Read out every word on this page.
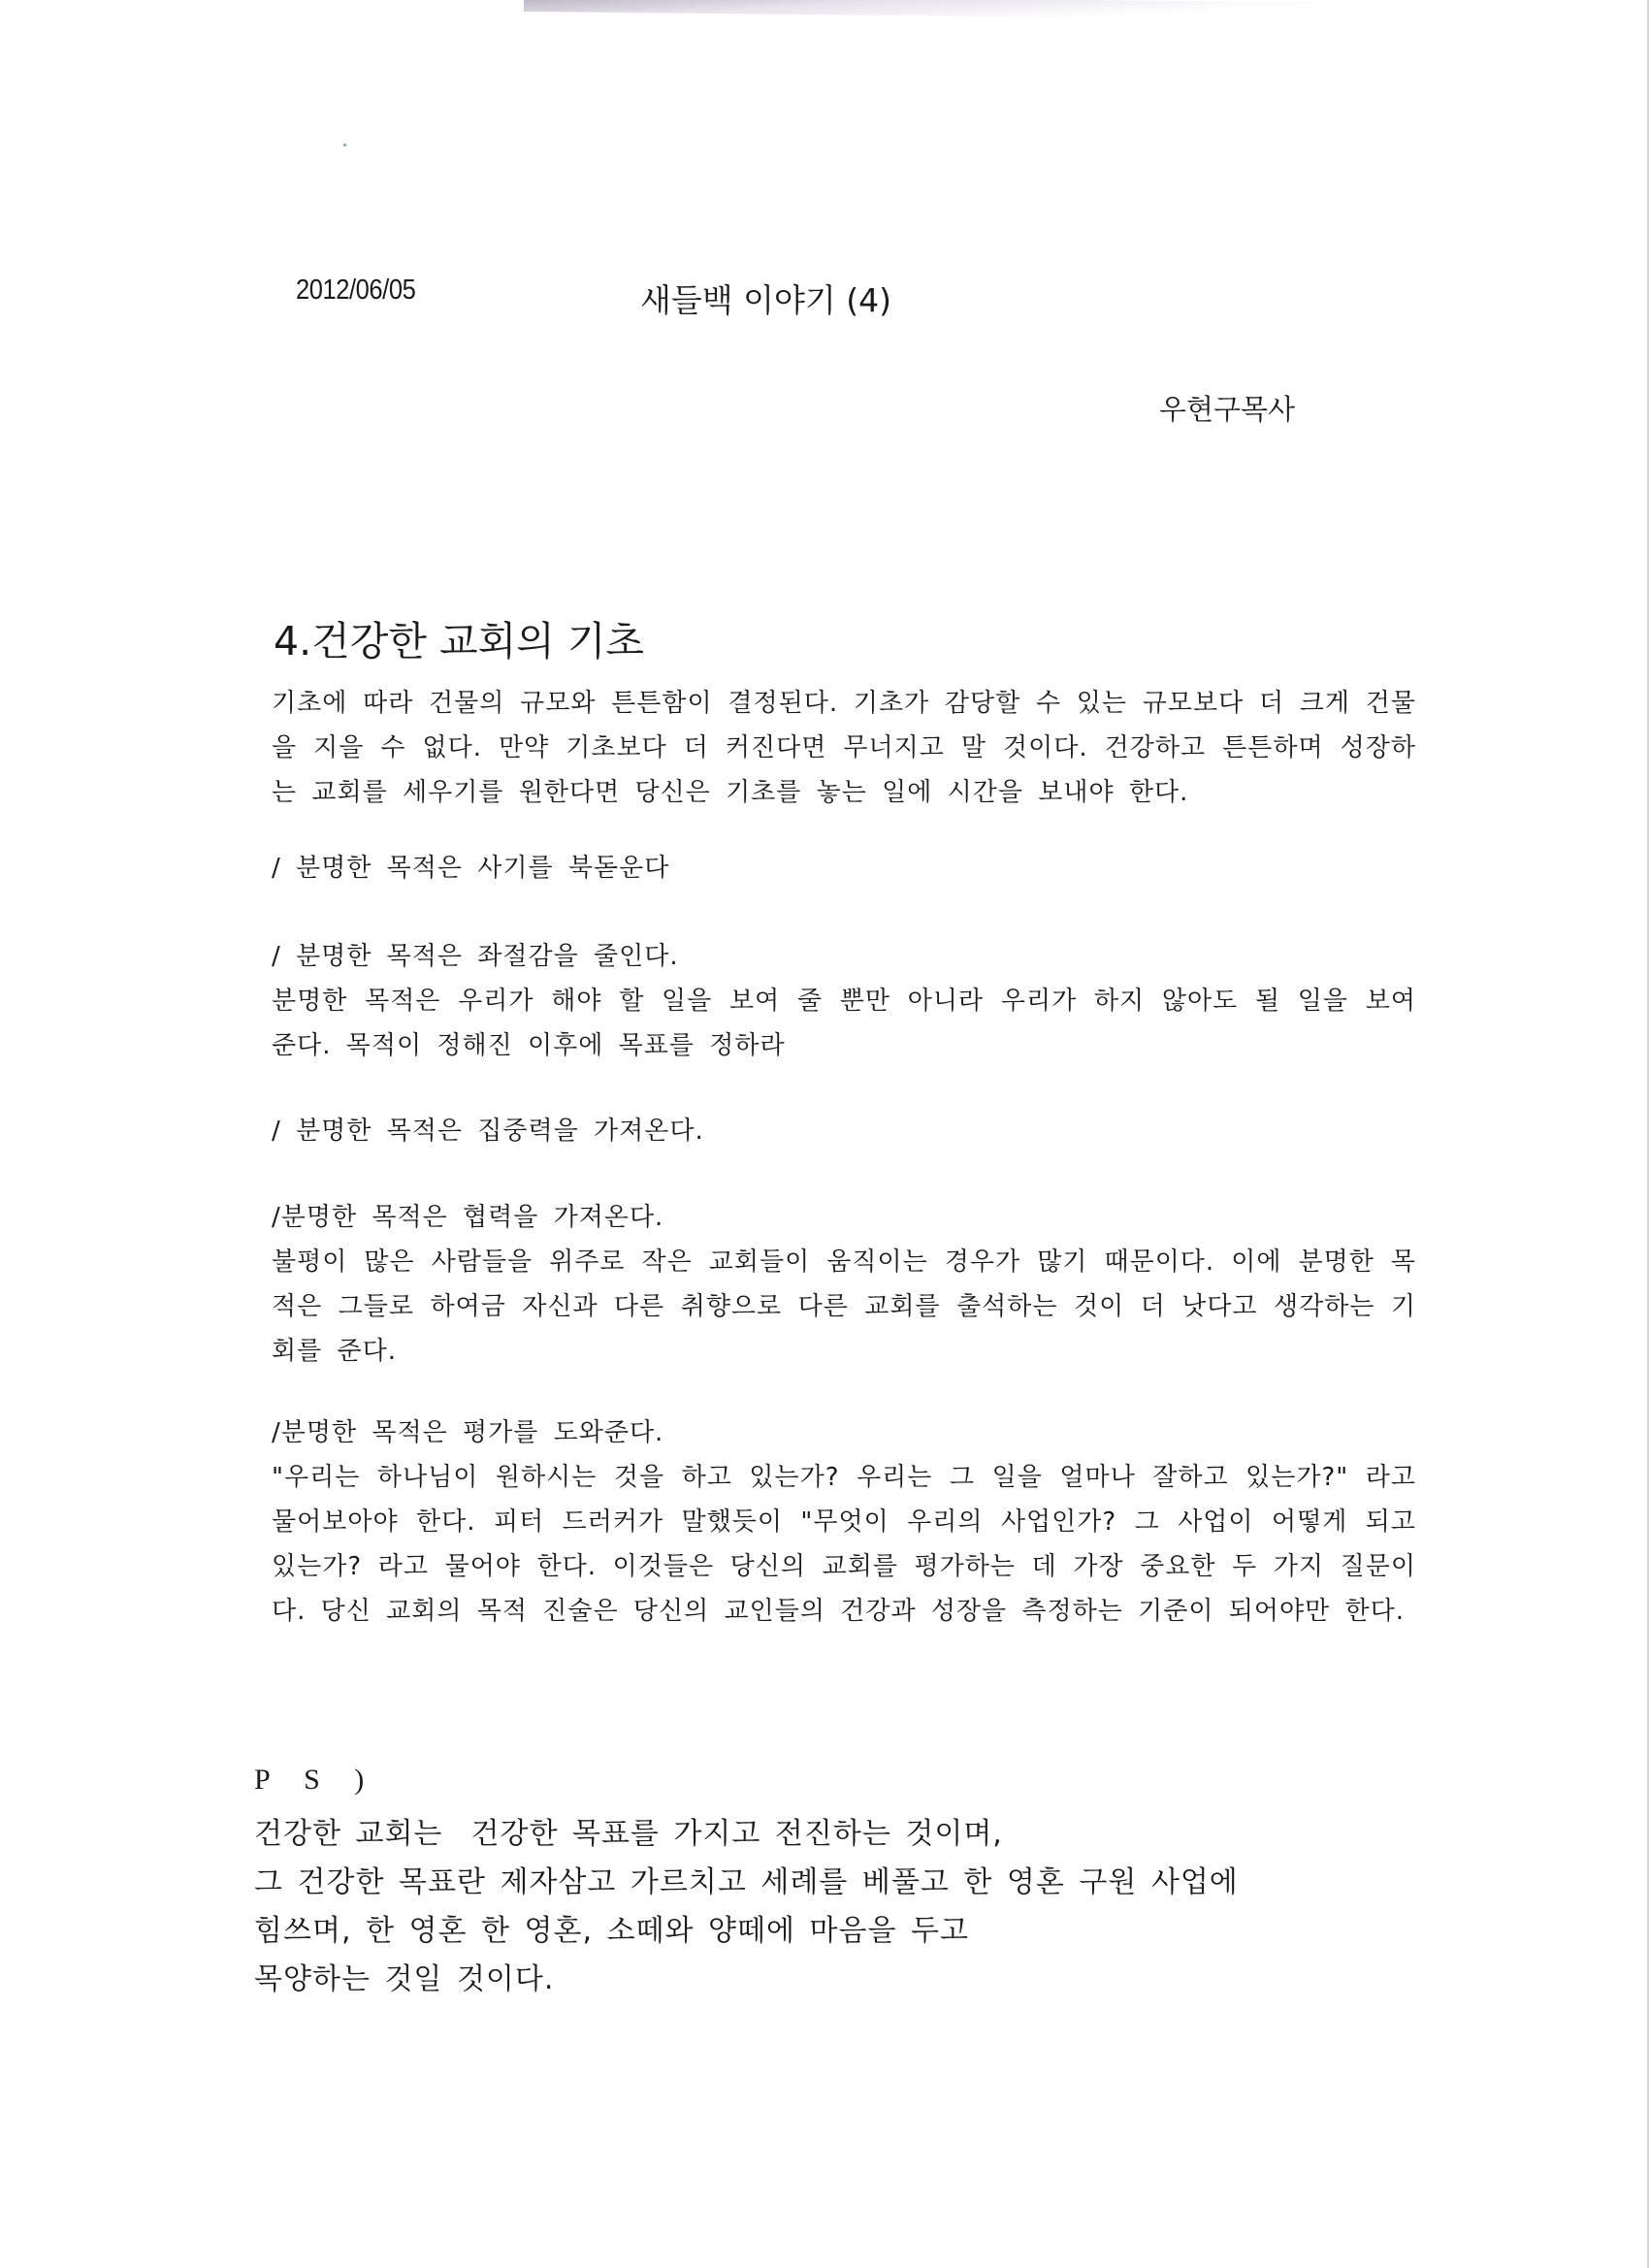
2012/06/05	새들백 이야기 (4)
우현구목사
4.건강한 교회의 기초

기초에 따라 건물의 규모와 튼튼함이 결정된다. 기초가 감당할 수 있는 규모보다 더 크게 건물을 지을 수 없다. 만약 기초보다 더 커진다면 무너지고 말 것이다. 건강하고 튼튼하며 성장하는 교회를 세우기를 원한다면 당신은 기초를 놓는 일에 시간을 보내야 한다.

/ 분명한 목적은 사기를 북돋운다

/ 분명한 목적은 좌절감을 줄인다.

분명한 목적은 우리가 해야 할 일을 보여 줄 뿐만 아니라 우리가 하지 않아도 될 일을 보여 준다. 목적이 정해진 이후에 목표를 정하라

/ 분명한 목적은 집중력을 가져온다.

/분명한 목적은 협력을 가져온다.

불평이 많은 사람들을 위주로 작은 교회들이 움직이는 경우가 많기 때문이다. 이에 분명한 목적은 그들로 하여금 자신과 다른 취향으로 다른 교회를 출석하는 것이 더 낫다고 생각하는 기회를 준다.

/분명한 목적은 평가를 도와준다.

"우리는 하나님이 원하시는 것을 하고 있는가? 우리는 그 일을 얼마나 잘하고 있는가?" 라고 물어보아야 한다. 피터 드러커가 말했듯이 "무엇이 우리의 사업인가? 그 사업이 어떻게 되고 있는가? 라고 물어야 한다. 이것들은 당신의 교회를 평가하는 데 가장 중요한 두 가지 질문이다. 당신 교회의 목적 진술은 당신의 교인들의 건강과 성장을 측정하는 기준이 되어야만 한다.

P S )
건강한 교회는  건강한 목표를 가지고 전진하는 것이며,
그 건강한 목표란 제자삼고 가르치고 세례를 베풀고 한 영혼 구원 사업에
힘쓰며, 한 영혼 한 영혼, 소떼와 양떼에 마음을 두고
목양하는 것일 것이다.
